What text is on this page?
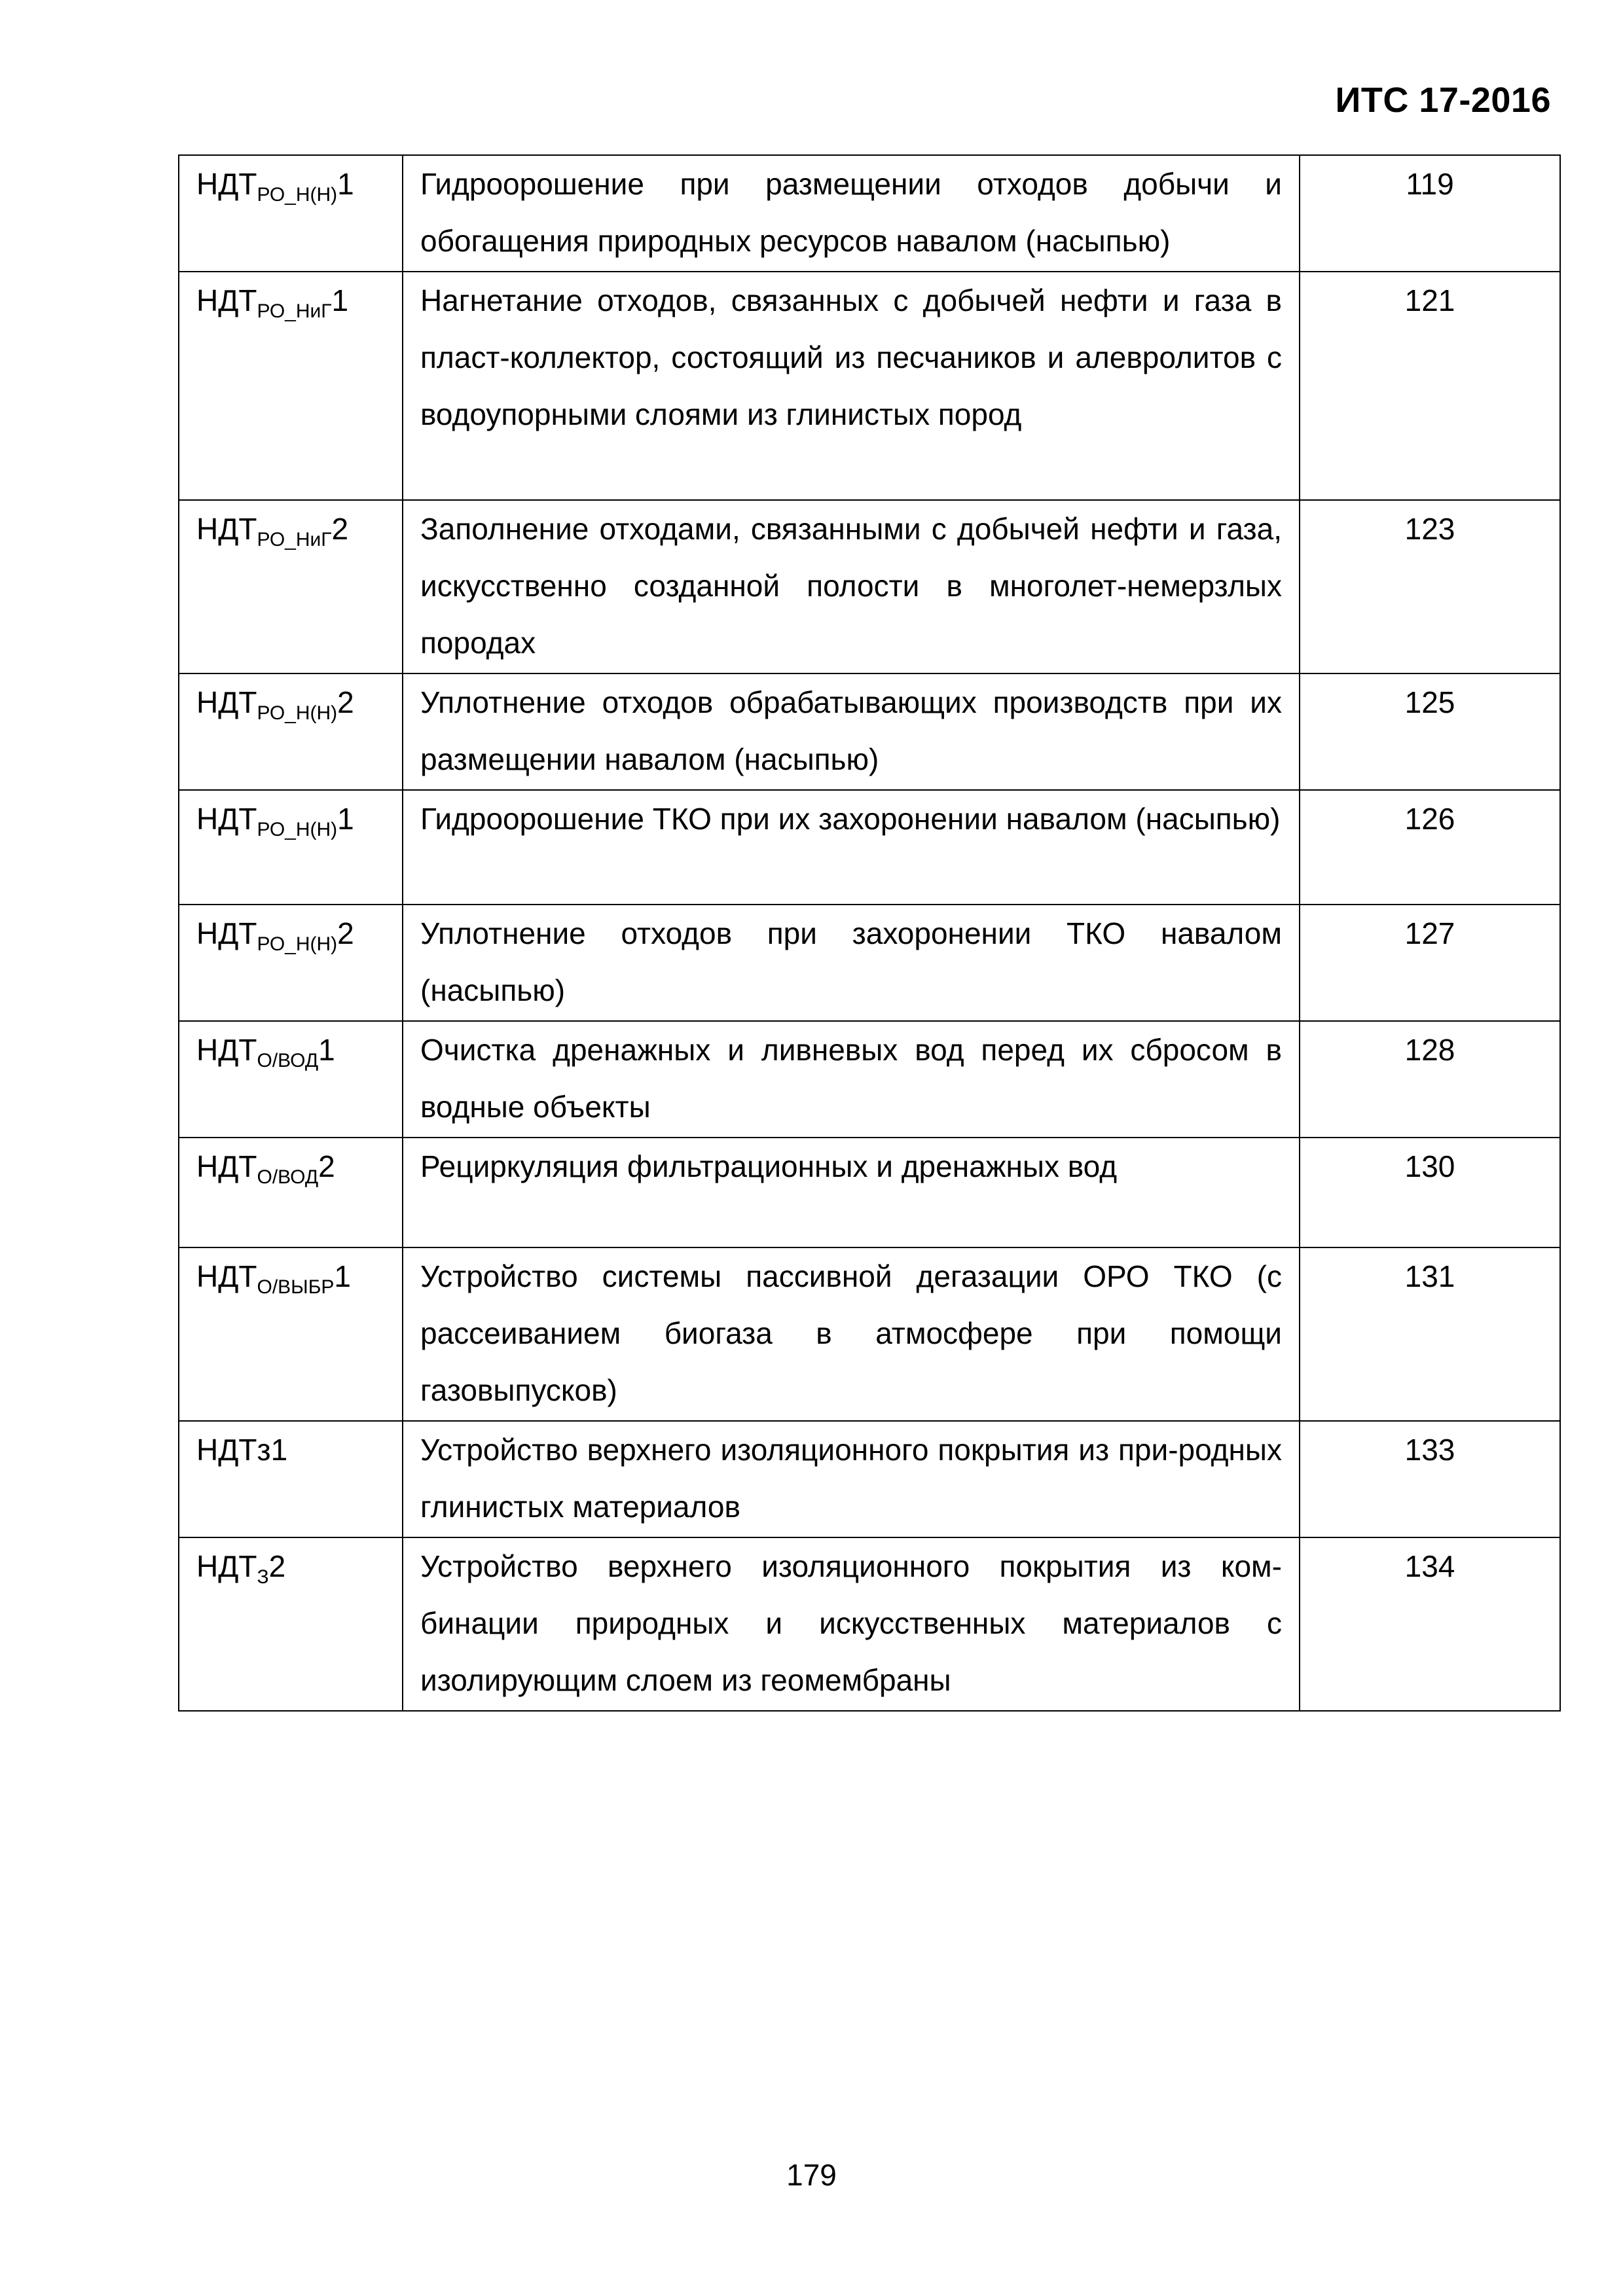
ИТС 17-2016
$НДТ_{РО\_Н(Н)}1$	Гидроорошение при размещении отходов добычи и обогащения природных ресурсов навалом (насыпью)	119
$НДТ_{РО\_НиГ}1$	Нагнетание отходов, связанных с добычей нефти и газа в пласт-коллектор, состоящий из песчаников и алевролитов с водоупорными слоями из глинистых пород	121
$НДТ_{РО\_НиГ}2$	Заполнение отходами, связанными с добычей нефти и газа, искусственно созданной полости в многолет-немерзлых породах	123
$НДТ_{РО\_Н(Н)}2$	Уплотнение отходов обрабатывающих производств при их размещении навалом (насыпью)	125
$НДТ_{РО\_Н(Н)}1$	Гидроорошение ТКО при их захоронении навалом (насыпью)	126
$НДТ_{РО\_Н(Н)}2$	Уплотнение отходов при захоронении ТКО навалом (насыпью)	127
$НДТ_{О/ВОД}1$	Очистка дренажных и ливневых вод перед их сбросом в водные объекты	128
$НДТ_{О/ВОД}2$	Рециркуляция фильтрационных и дренажных вод	130
$НДТ_{О/ВЫБР}1$	Устройство системы пассивной дегазации ОРО ТКО (с рассеиванием биогаза в атмосфере при помощи газовыпусков)	131
НДТз1	Устройство верхнего изоляционного покрытия из при-родных глинистых материалов	133
$НДТ_З2$	Устройство верхнего изоляционного покрытия из ком-бинации природных и искусственных материалов с изолирующим слоем из геомембраны	134
179
